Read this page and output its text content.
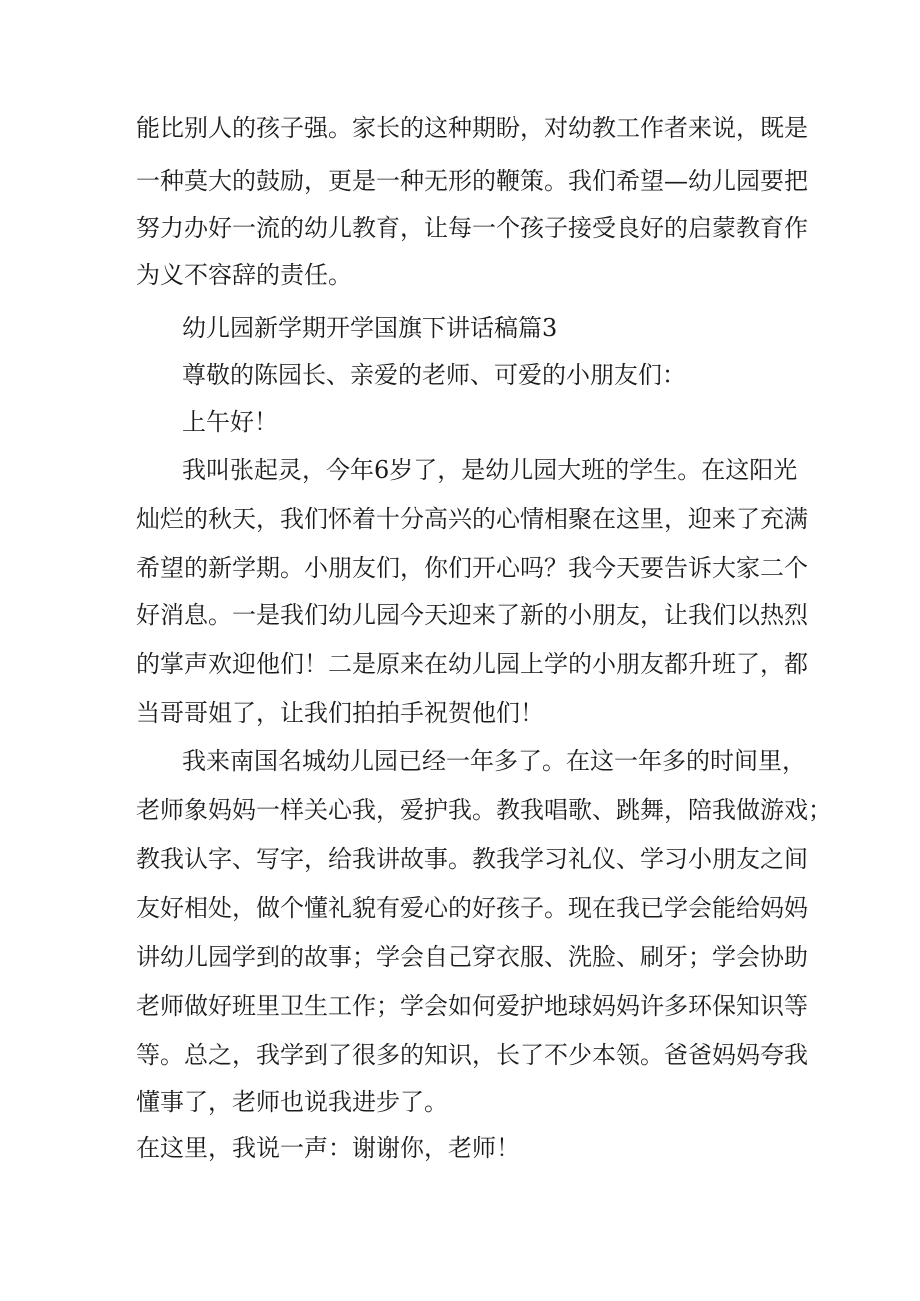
能比别人的孩子强。家长的这种期盼，对幼教工作者来说，既是
一种莫大的鼓励，更是一种无形的鞭策。我们希望—幼儿园要把
努力办好一流的幼儿教育，让每一个孩子接受良好的启蒙教育作
为义不容辞的责任。
幼儿园新学期开学国旗下讲话稿篇3
尊敬的陈园长、亲爱的老师、可爱的小朋友们：
上午好！
我叫张起灵，今年6岁了，是幼儿园大班的学生。在这阳光
灿烂的秋天，我们怀着十分高兴的心情相聚在这里，迎来了充满
希望的新学期。小朋友们，你们开心吗？我今天要告诉大家二个
好消息。一是我们幼儿园今天迎来了新的小朋友，让我们以热烈
的掌声欢迎他们！二是原来在幼儿园上学的小朋友都升班了，都
当哥哥姐了，让我们拍拍手祝贺他们！
我来南国名城幼儿园已经一年多了。在这一年多的时间里，
老师象妈妈一样关心我，爱护我。教我唱歌、跳舞，陪我做游戏；
教我认字、写字，给我讲故事。教我学习礼仪、学习小朋友之间
友好相处，做个懂礼貌有爱心的好孩子。现在我已学会能给妈妈
讲幼儿园学到的故事；学会自己穿衣服、洗脸、刷牙；学会协助
老师做好班里卫生工作；学会如何爱护地球妈妈许多环保知识等
等。总之，我学到了很多的知识，长了不少本领。爸爸妈妈夸我
懂事了，老师也说我进步了。
在这里，我说一声：谢谢你，老师！
